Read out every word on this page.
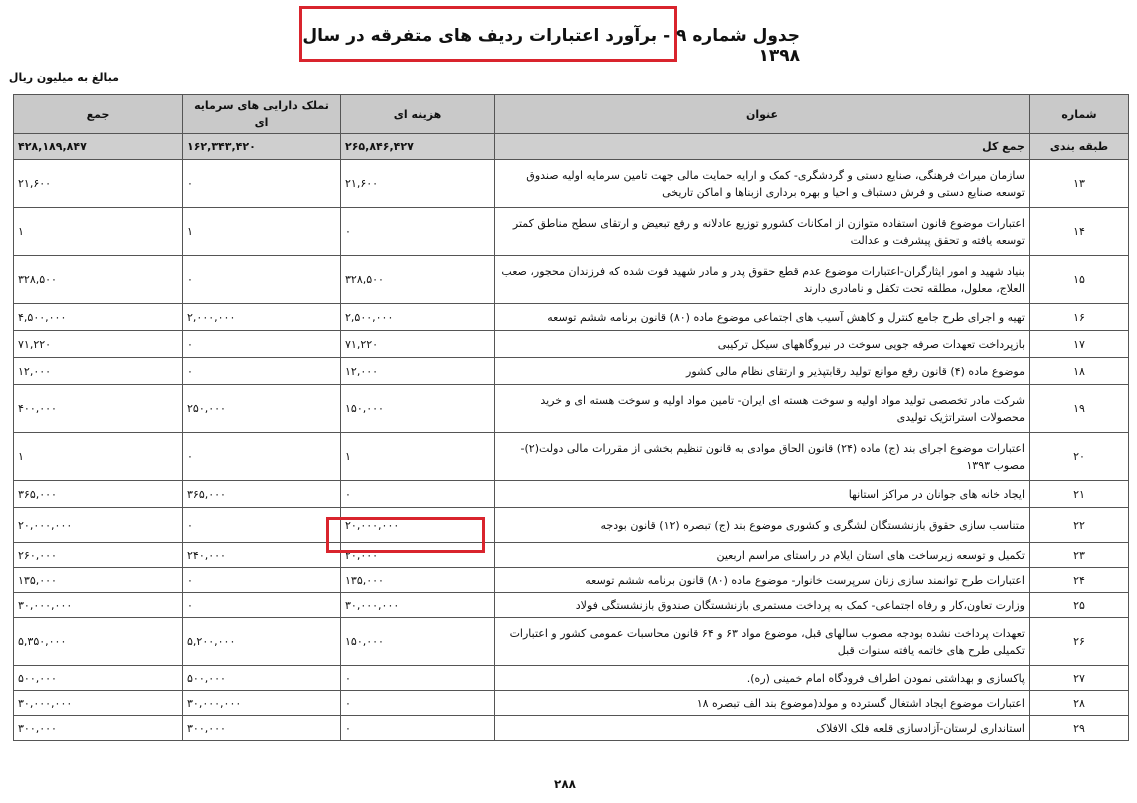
جدول شماره ۹ - برآورد اعتبارات ردیف های متفرقه در سال ۱۳۹۸
مبالغ به میلیون ریال
شماره	عنوان	هزینه ای	تملک دارایی های سرمایه ای	جمع
طبقه بندی	جمع کل	۲۶۵,۸۴۶,۴۲۷	۱۶۲,۳۴۳,۴۲۰	۴۲۸,۱۸۹,۸۴۷
۱۳	سازمان میراث فرهنگی، صنایع دستی و گردشگری- کمک و ارایه حمایت مالی جهت تامین سرمایه اولیه صندوق توسعه صنایع دستی و فرش دستباف و احیا و بهره برداری ازبناها و اماکن تاریخی	۲۱,۶۰۰	۰	۲۱,۶۰۰
۱۴	اعتبارات موضوع قانون استفاده متوازن از امکانات کشورو توزیع عادلانه و رفع تبعیض و ارتقای سطح مناطق کمتر توسعه یافته و تحقق پیشرفت و عدالت	۰	۱	۱
۱۵	بنیاد شهید و امور ایثارگران-اعتبارات موضوع عدم قطع حقوق پدر و مادر شهید فوت شده که فرزندان محجور، صعب العلاج، معلول، مطلقه تحت تکفل و نامادری دارند	۳۲۸,۵۰۰	۰	۳۲۸,۵۰۰
۱۶	تهیه و اجرای طرح جامع کنترل و کاهش آسیب های اجتماعی موضوع ماده (۸۰) قانون برنامه ششم توسعه	۲,۵۰۰,۰۰۰	۲,۰۰۰,۰۰۰	۴,۵۰۰,۰۰۰
۱۷	بازپرداخت تعهدات صرفه جویی سوخت در نیروگاههای سیکل ترکیبی	۷۱,۲۲۰	۰	۷۱,۲۲۰
۱۸	موضوع ماده (۴) قانون رفع موانع تولید رقابتپذیر و ارتقای نظام مالی کشور	۱۲,۰۰۰	۰	۱۲,۰۰۰
۱۹	شرکت مادر تخصصی تولید مواد اولیه و سوخت هسته ای ایران- تامین مواد اولیه و سوخت هسته ای و خرید محصولات استراتژیک تولیدی	۱۵۰,۰۰۰	۲۵۰,۰۰۰	۴۰۰,۰۰۰
۲۰	اعتبارات موضوع اجرای بند (ج) ماده (۲۴) قانون الحاق موادی به قانون تنظیم بخشی از مقررات مالی دولت(۲)- مصوب ۱۳۹۳	۱	۰	۱
۲۱	ایجاد خانه های جوانان در مراکز استانها	۰	۳۶۵,۰۰۰	۳۶۵,۰۰۰
۲۲	متناسب سازی حقوق بازنشستگان لشگری و کشوری موضوع بند (ج) تبصره (۱۲) قانون بودجه	۲۰,۰۰۰,۰۰۰	۰	۲۰,۰۰۰,۰۰۰
۲۳	تکمیل و توسعه زیرساخت های استان ایلام در راستای مراسم اربعین	۲۰,۰۰۰	۲۴۰,۰۰۰	۲۶۰,۰۰۰
۲۴	اعتبارات طرح توانمند سازی زنان سرپرست خانوار- موضوع ماده (۸۰) قانون برنامه ششم توسعه	۱۳۵,۰۰۰	۰	۱۳۵,۰۰۰
۲۵	وزارت تعاون،کار و رفاه اجتماعی- کمک به پرداخت مستمری بازنشستگان صندوق بازنشستگی فولاد	۳۰,۰۰۰,۰۰۰	۰	۳۰,۰۰۰,۰۰۰
۲۶	تعهدات پرداخت نشده بودجه مصوب سالهای قبل، موضوع مواد ۶۳ و ۶۴ قانون محاسبات عمومی کشور و اعتبارات تکمیلی طرح های خاتمه یافته سنوات قبل	۱۵۰,۰۰۰	۵,۲۰۰,۰۰۰	۵,۳۵۰,۰۰۰
۲۷	پاکسازی و بهداشتی نمودن اطراف فرودگاه امام خمینی (ره).	۰	۵۰۰,۰۰۰	۵۰۰,۰۰۰
۲۸	اعتبارات موضوع ایجاد اشتغال گسترده و مولد(موضوع بند الف تبصره ۱۸	۰	۳۰,۰۰۰,۰۰۰	۳۰,۰۰۰,۰۰۰
۲۹	استانداری لرستان-آزادسازی قلعه فلک الافلاک	۰	۳۰۰,۰۰۰	۳۰۰,۰۰۰
۲۸۸
